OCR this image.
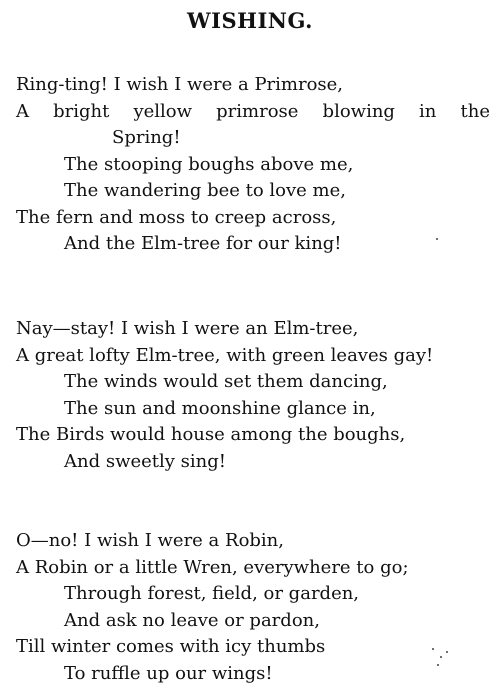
WISHING.
Ring-ting! I wish I were a Primrose,
A bright yellow primrose blowing in the
Spring!
The stooping boughs above me,
The wandering bee to love me,
The fern and moss to creep across,
And the Elm-tree for our king!
Nay—stay! I wish I were an Elm-tree,
A great lofty Elm-tree, with green leaves gay!
The winds would set them dancing,
The sun and moonshine glance in,
The Birds would house among the boughs,
And sweetly sing!
O—no! I wish I were a Robin,
A Robin or a little Wren, everywhere to go;
Through forest, field, or garden,
And ask no leave or pardon,
Till winter comes with icy thumbs
To ruffle up our wings!
